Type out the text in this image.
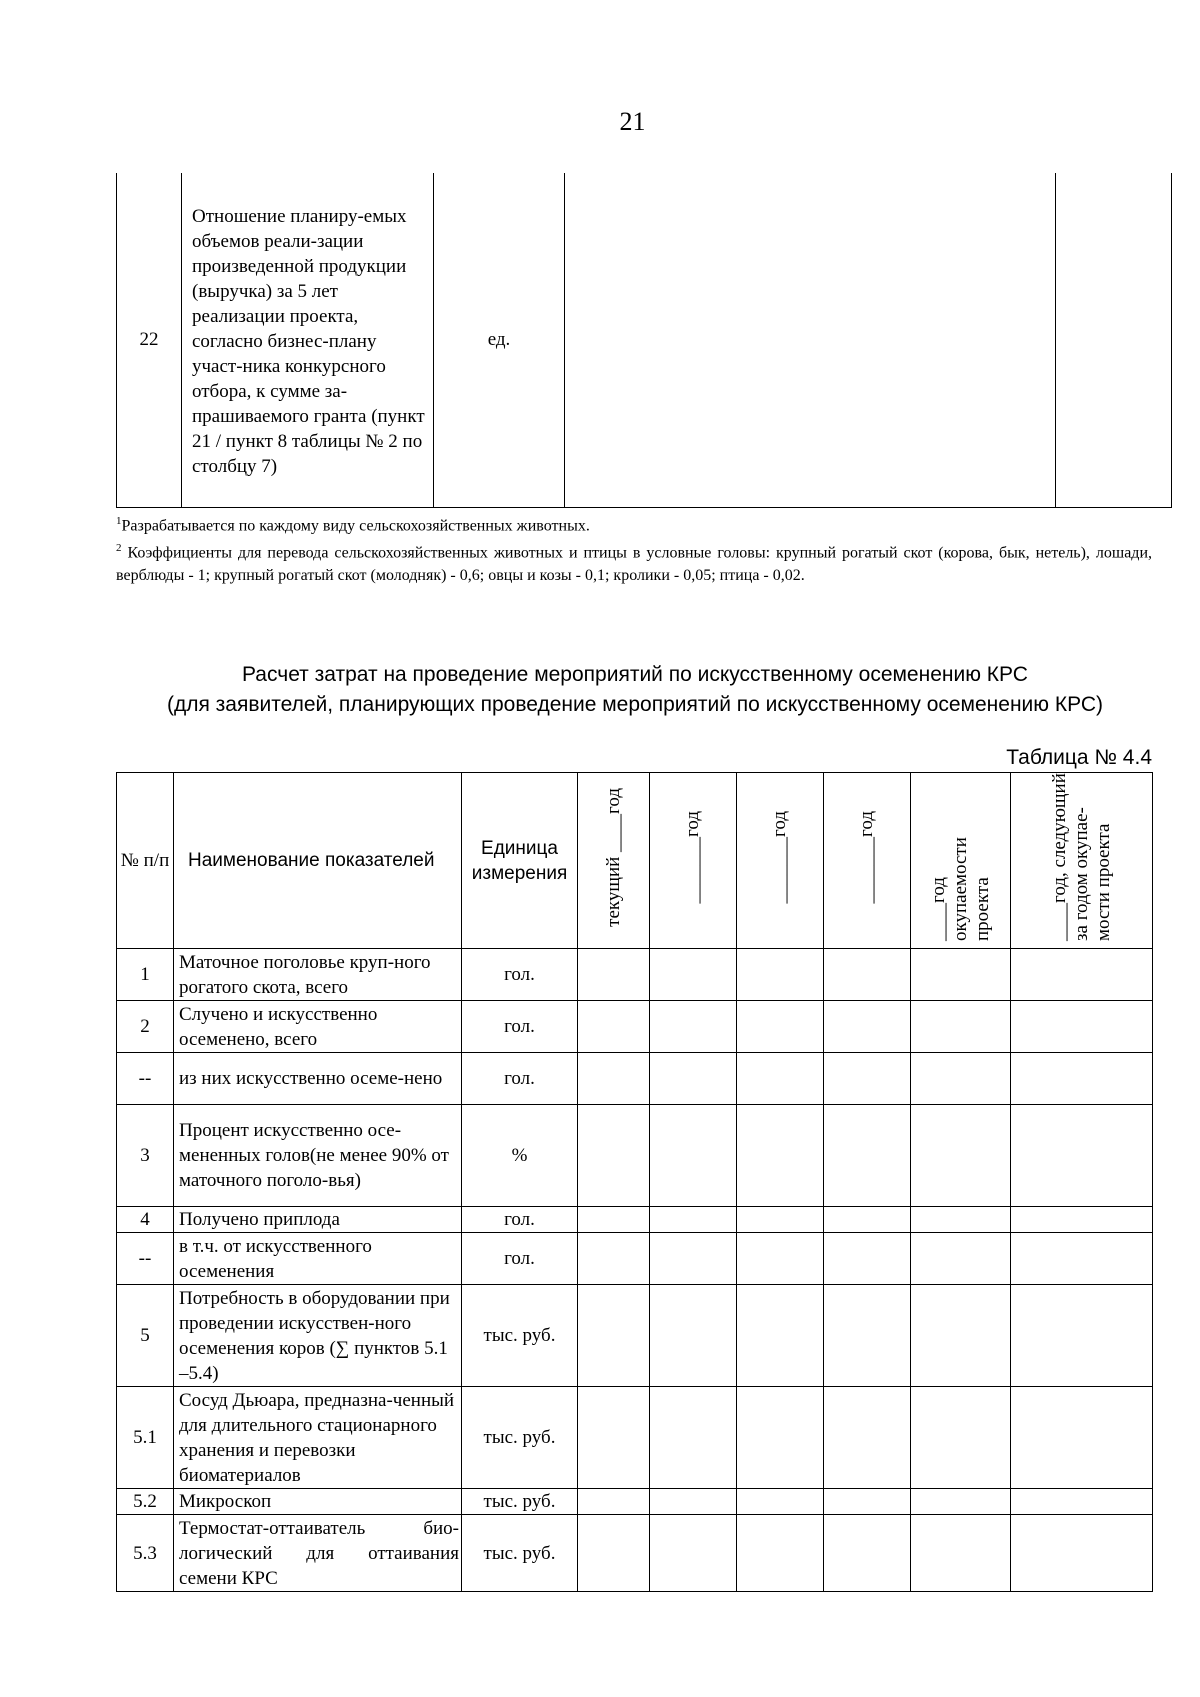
21
22	Отношение планиру-емых объемов реали-зации произведенной продукции (выручка) за 5 лет реализации проекта, согласно бизнес-плану участ-ника конкурсного отбора, к сумме за-прашиваемого гранта (пункт 21 / пункт 8 таблицы № 2 по столбцу 7)	ед.		

$^1$Разрабатывается по каждому виду сельскохозяйственных животных.

$^2$ Коэффициенты для перевода сельскохозяйственных животных и птицы в условные головы: крупный рогатый скот (корова, бык, нетель), лошади, верблюды - 1; крупный рогатый скот (молодняк) - 0,6; овцы и козы - 0,1; кролики - 0,05; птица - 0,02.

Расчет затрат на проведение мероприятий по искусственному осеменению КРС
(для заявителей, планирующих проведение мероприятий по искусственному осеменению КРС)
Таблица № 4.4
№ п/п	Наименование показателей	Единица измерения	текущий ____год	_______год	_______год	_______год	____год окупаемости проекта	____год, следующий за годом окупае-мости проекта
1	Маточное поголовье круп-ного рогатого скота, всего	гол.						
2	Случено и искусственно осеменено, всего	гол.						
--	из них искусственно осеме-нено	гол.						
3	Процент искусственно осе-мененных голов(не менее 90% от маточного поголо-вья)	%						
4	Получено приплода	гол.						
--	в т.ч. от искусственного осеменения	гол.						
5	Потребность в оборудовании при проведении искусствен-ного осеменения коров (∑ пунктов 5.1 –5.4)	тыс. руб.						
5.1	Сосуд Дьюара, предназна-ченный для длительного стационарного хранения и перевозки биоматериалов	тыс. руб.						
5.2	Микроскоп	тыс. руб.						
5.3	Термостат-оттаиватель био-логический для оттаивания семени КРС	тыс. руб.						
